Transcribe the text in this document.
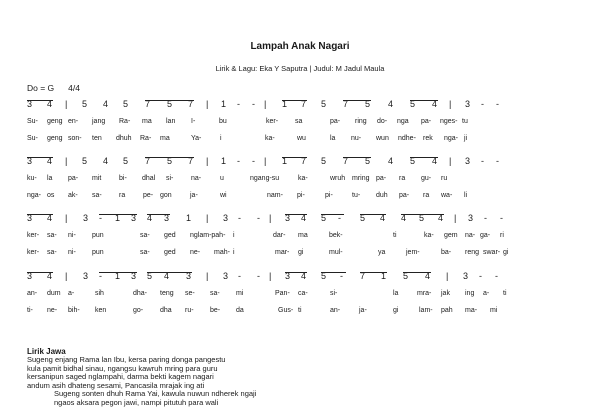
Lampah Anak Nagari
Lirik & Lagu: Eka Y Saputra | Judul: M Jadul Maula
Do = G 4/4
3 4 | 5 4 5 7 5 7 | 1 - - | 1 7 5 7 5 4 5 4 | 3 - -
Su- geng en- jang Ra- ma lan I-	bu	ker- sa	pa- ring do- nga pa- nges- tu
Su- geng son- ten dhuh Ra- ma	Ya-	i	ka-	wu	la nu- wun ndhe- rek nga- ji
3 4 | 5 4 5 7 5 7 | 1 - - | 1 7 5 7 5 4 5 4 | 3 - -
ku- la pa- mit	bi- dhal si-	na-	u	ngang-su	ka-	wruh mring pa- ra gu- ru
nga- os ak- sa- ra	pe- gon	ja-	wi	nam- pi-	pi-	tu- duh pa- ra wa- li
3 4 | 3 - 1 3 4 3 1 | 3 - - | 3 4 5 - 5 4 4 5 4 | 3 - -
ker- sa- ni- pun	sa- ged nglam-pah- i	dar- ma	bek-	ti	ka- gem na- ga- ri
ker- sa- ni- pun	sa- ged ne- mah- i	mar- gi	mul-	ya	jem-	ba- reng swar- gi
3 4 | 3 - 1 3 5 4 3 | 3 - - | 3 4 5 - 7 1 5 4 | 3 - -
an- dum a-	sih	dha- teng se- sa- mi	Pan- ca-	si-	la	mra- jak ing a- ti
ti- ne- bih- ken	go- dha ru- be- da	Gus- ti	an-	ja-	gi	lam- pah ma- mi
Lirik Jawa
Sugeng enjang Rama lan Ibu, kersa paring donga pangestu
kula pamit bidhal sinau, ngangsu kawruh mring para guru
kersanipun saged nglampahi, darma bekti kagem nagari
andum asih dhateng sesami, Pancasila mrajak ing ati
Sugeng sonten dhuh Rama Yai, kawula nuwun ndherek ngaji
ngaos aksara pegon jawi, nampi pitutuh para wali
